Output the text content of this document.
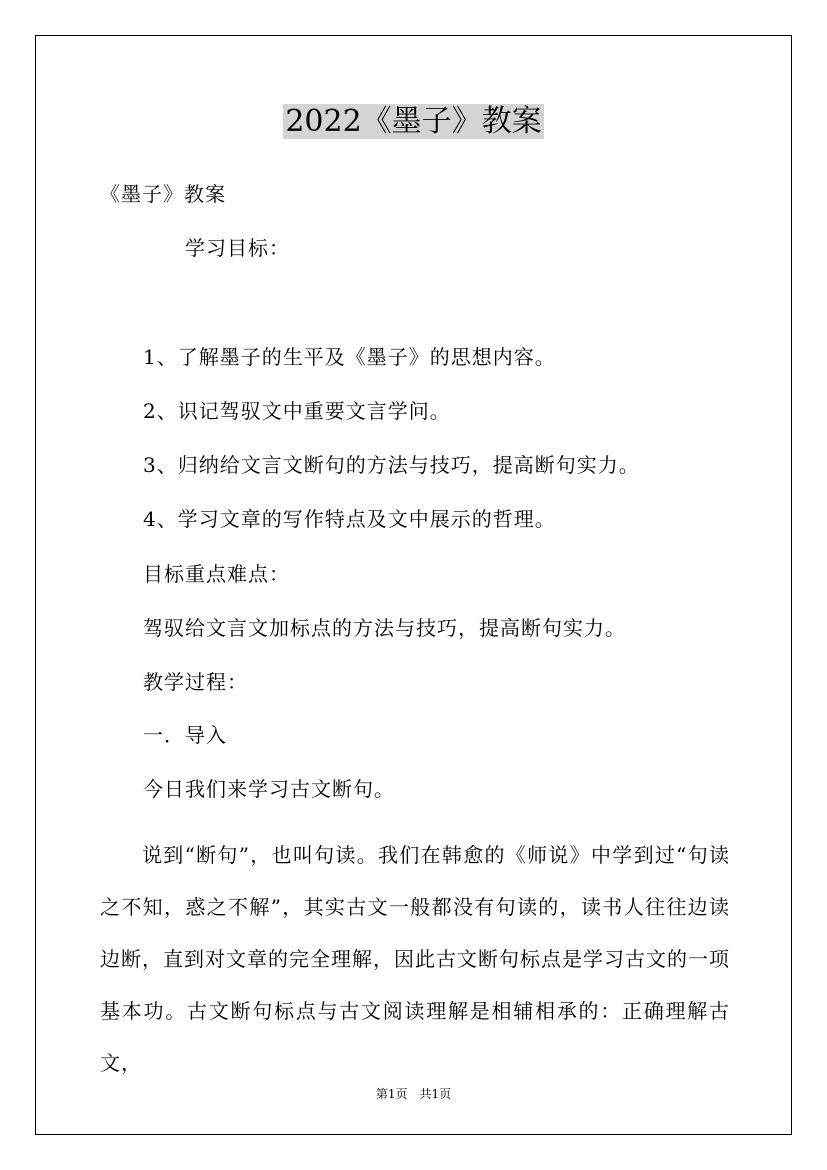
2022《墨子》教案
《墨子》教案
学习目标：
1、了解墨子的生平及《墨子》的思想内容。
2、识记驾驭文中重要文言学问。
3、归纳给文言文断句的方法与技巧，提高断句实力。
4、学习文章的写作特点及文中展示的哲理。
目标重点难点：
驾驭给文言文加标点的方法与技巧，提高断句实力。
教学过程：
一．导入
今日我们来学习古文断句。
说到“断句”，也叫句读。我们在韩愈的《师说》中学到过“句读之不知，惑之不解”，其实古文一般都没有句读的，读书人往往边读边断，直到对文章的完全理解，因此古文断句标点是学习古文的一项基本功。古文断句标点与古文阅读理解是相辅相承的：正确理解古文，
第1页　共1页
